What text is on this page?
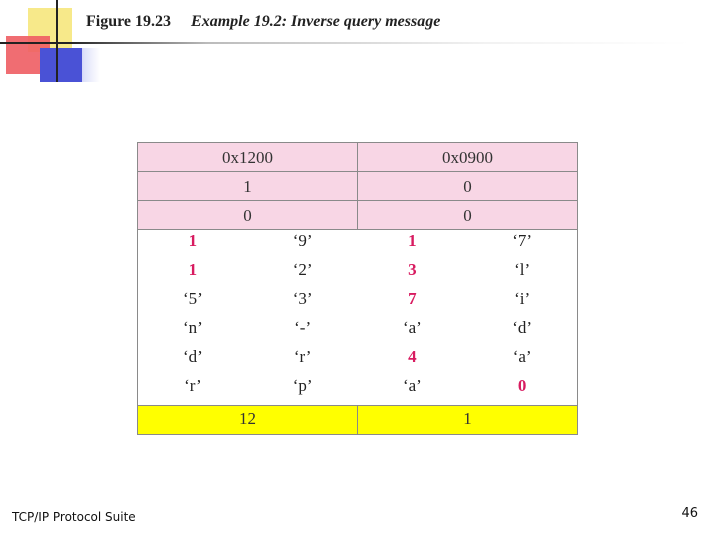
Figure 19.23 Example 19.2: Inverse query message
0x1200	0x0900
1	0
0	0
1	‘9’	1	‘7’
1	‘2’	3	‘l’
‘5’	‘3’	7	‘i’
‘n’	‘-’	‘a’	‘d’
‘d’	‘r’	4	‘a’
‘r’	‘p’	‘a’	0
12	1
TCP/IP Protocol Suite	46
